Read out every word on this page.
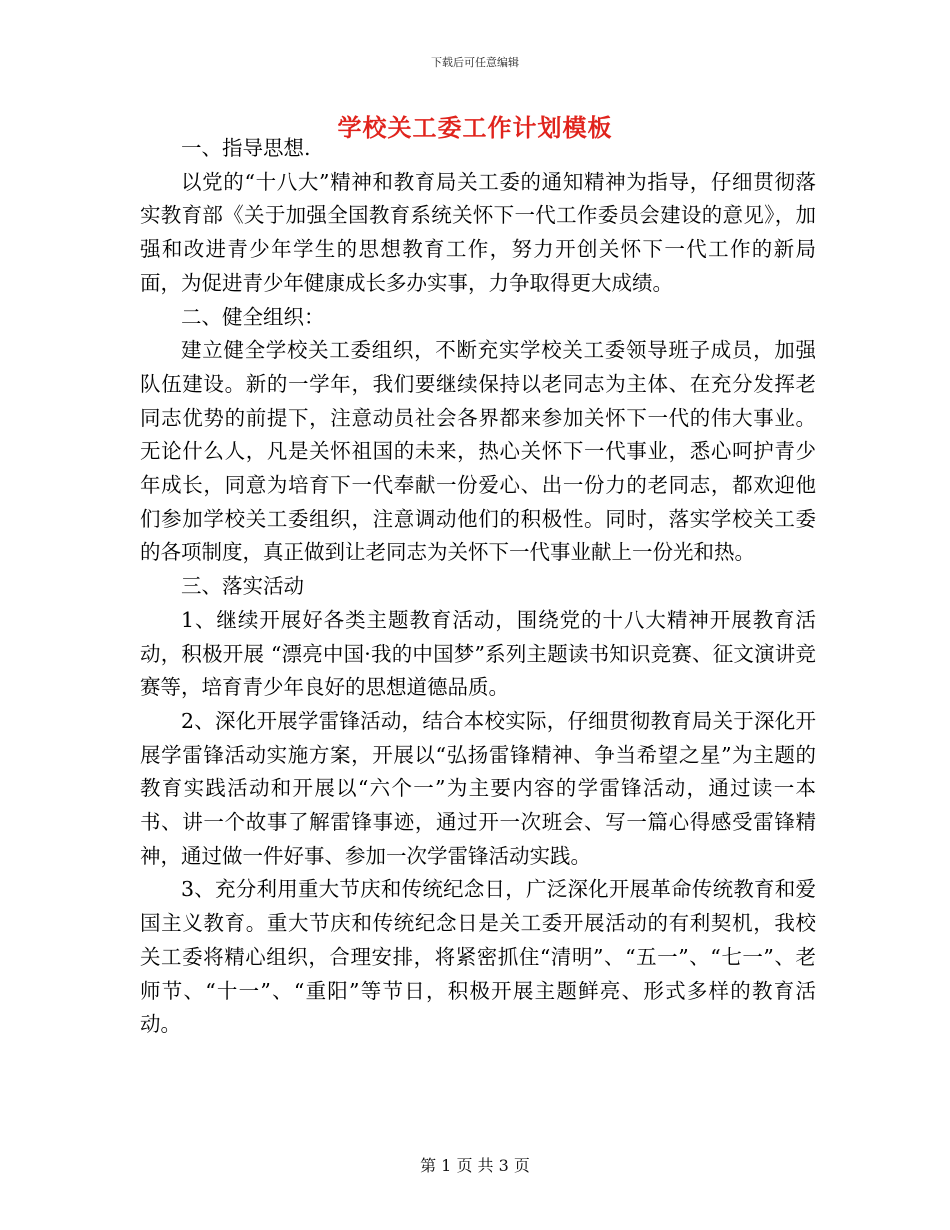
下载后可任意编辑
学校关工委工作计划模板

一、指导思想.

以党的“十八大”精神和教育局关工委的通知精神为指导，仔细贯彻落实教育部《关于加强全国教育系统关怀下一代工作委员会建设的意见》，加强和改进青少年学生的思想教育工作，努力开创关怀下一代工作的新局面，为促进青少年健康成长多办实事，力争取得更大成绩。

二、健全组织：

建立健全学校关工委组织，不断充实学校关工委领导班子成员，加强队伍建设。新的一学年，我们要继续保持以老同志为主体、在充分发挥老同志优势的前提下，注意动员社会各界都来参加关怀下一代的伟大事业。无论什么人，凡是关怀祖国的未来，热心关怀下一代事业，悉心呵护青少年成长，同意为培育下一代奉献一份爱心、出一份力的老同志，都欢迎他们参加学校关工委组织，注意调动他们的积极性。同时，落实学校关工委的各项制度，真正做到让老同志为关怀下一代事业献上一份光和热。

三、落实活动

1、继续开展好各类主题教育活动，围绕党的十八大精神开展教育活动，积极开展 “漂亮中国·我的中国梦”系列主题读书知识竞赛、征文演讲竞赛等，培育青少年良好的思想道德品质。

2、深化开展学雷锋活动，结合本校实际，仔细贯彻教育局关于深化开展学雷锋活动实施方案，开展以“弘扬雷锋精神、争当希望之星”为主题的教育实践活动和开展以“六个一”为主要内容的学雷锋活动，通过读一本书、讲一个故事了解雷锋事迹，通过开一次班会、写一篇心得感受雷锋精神，通过做一件好事、参加一次学雷锋活动实践。

3、充分利用重大节庆和传统纪念日，广泛深化开展革命传统教育和爱国主义教育。重大节庆和传统纪念日是关工委开展活动的有利契机，我校关工委将精心组织，合理安排，将紧密抓住“清明”、“五一”、“七一”、老师节、“十一”、“重阳”等节日，积极开展主题鲜亮、形式多样的教育活动。

第 1 页 共 3 页
